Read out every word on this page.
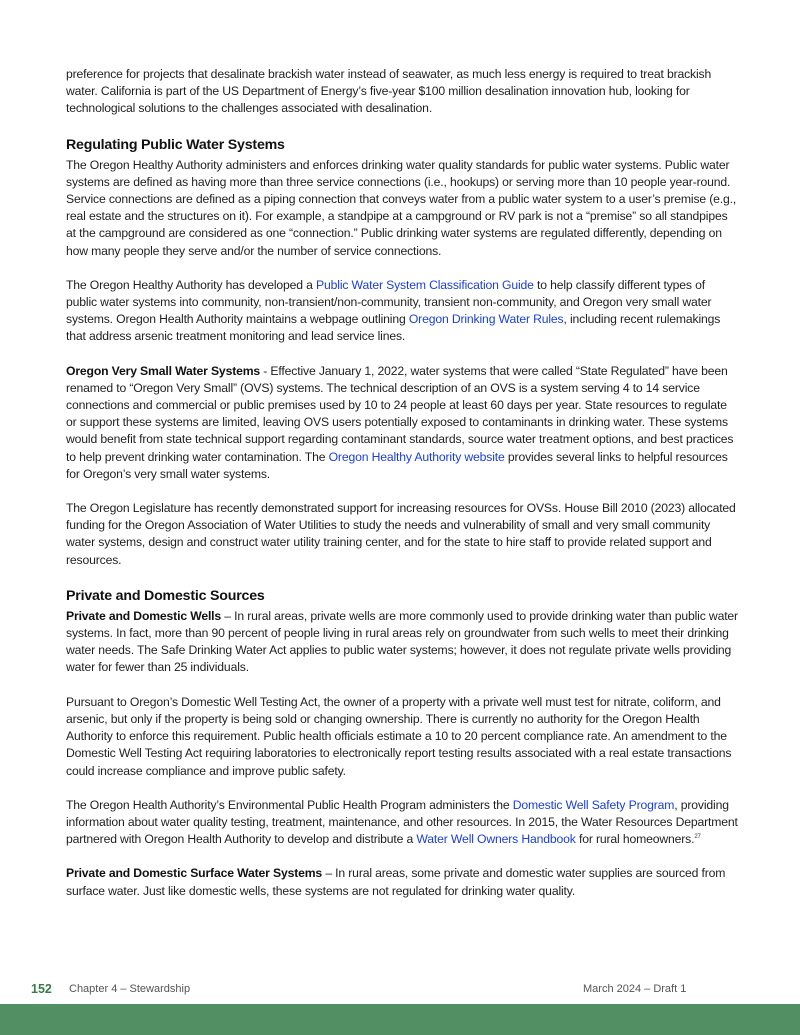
preference for projects that desalinate brackish water instead of seawater, as much less energy is required to treat brackish water. California is part of the US Department of Energy’s five-year $100 million desalination innovation hub, looking for technological solutions to the challenges associated with desalination.

Regulating Public Water Systems

The Oregon Healthy Authority administers and enforces drinking water quality standards for public water systems. Public water systems are defined as having more than three service connections (i.e., hookups) or serving more than 10 people year-round. Service connections are defined as a piping connection that conveys water from a public water system to a user’s premise (e.g., real estate and the structures on it). For example, a standpipe at a campground or RV park is not a “premise” so all standpipes at the campground are considered as one “connection.” Public drinking water systems are regulated differently, depending on how many people they serve and/or the number of service connections.

The Oregon Healthy Authority has developed a Public Water System Classification Guide to help classify different types of public water systems into community, non-transient/non-community, transient non-community, and Oregon very small water systems. Oregon Health Authority maintains a webpage outlining Oregon Drinking Water Rules, including recent rulemakings that address arsenic treatment monitoring and lead service lines.

Oregon Very Small Water Systems - Effective January 1, 2022, water systems that were called “State Regulated” have been renamed to “Oregon Very Small” (OVS) systems. The technical description of an OVS is a system serving 4 to 14 service connections and commercial or public premises used by 10 to 24 people at least 60 days per year. State resources to regulate or support these systems are limited, leaving OVS users potentially exposed to contaminants in drinking water. These systems would benefit from state technical support regarding contaminant standards, source water treatment options, and best practices to help prevent drinking water contamination. The Oregon Healthy Authority website provides several links to helpful resources for Oregon’s very small water systems.

The Oregon Legislature has recently demonstrated support for increasing resources for OVSs. House Bill 2010 (2023) allocated funding for the Oregon Association of Water Utilities to study the needs and vulnerability of small and very small community water systems, design and construct water utility training center, and for the state to hire staff to provide related support and resources.

Private and Domestic Sources

Private and Domestic Wells – In rural areas, private wells are more commonly used to provide drinking water than public water systems. In fact, more than 90 percent of people living in rural areas rely on groundwater from such wells to meet their drinking water needs. The Safe Drinking Water Act applies to public water systems; however, it does not regulate private wells providing water for fewer than 25 individuals.

Pursuant to Oregon’s Domestic Well Testing Act, the owner of a property with a private well must test for nitrate, coliform, and arsenic, but only if the property is being sold or changing ownership. There is currently no authority for the Oregon Health Authority to enforce this requirement. Public health officials estimate a 10 to 20 percent compliance rate. An amendment to the Domestic Well Testing Act requiring laboratories to electronically report testing results associated with a real estate transactions could increase compliance and improve public safety.

The Oregon Health Authority’s Environmental Public Health Program administers the Domestic Well Safety Program, providing information about water quality testing, treatment, maintenance, and other resources. In 2015, the Water Resources Department partnered with Oregon Health Authority to develop and distribute a Water Well Owners Handbook for rural homeowners.$^{27}$

Private and Domestic Surface Water Systems – In rural areas, some private and domestic water supplies are sourced from surface water. Just like domestic wells, these systems are not regulated for drinking water quality.

152 Chapter 4 – Stewardship	March 2024 – Draft 1
